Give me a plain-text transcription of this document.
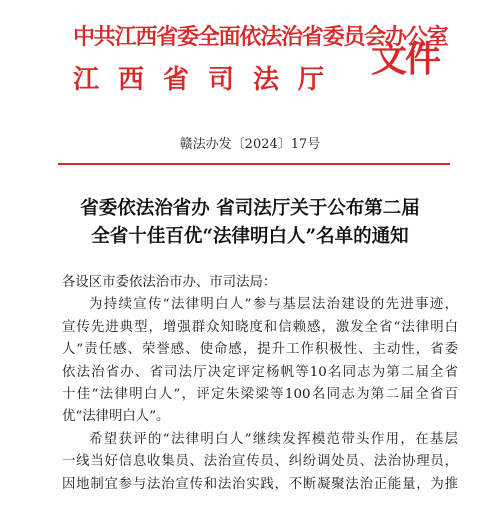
中共江西省委全面依法治省委员会办公室
江西省司法厅 文件
赣法办发〔2024〕17号
省委依法治省办 省司法厅关于公布第二届
全省十佳百优“法律明白人”名单的通知
各设区市委依法治市办、市司法局：
为持续宣传“法律明白人”参与基层法治建设的先进事迹，
宣传先进典型，增强群众知晓度和信赖感，激发全省“法律明白
人”责任感、荣誉感、使命感，提升工作积极性、主动性，省委
依法治省办、省司法厅决定评定杨帆等10名同志为第二届全省
十佳“法律明白人”，评定朱梁梁等100名同志为第二届全省百
优“法律明白人”。
希望获评的“法律明白人”继续发挥模范带头作用，在基层
一线当好信息收集员、法治宣传员、纠纷调处员、法治协理员，
因地制宜参与法治宣传和法治实践，不断凝聚法治正能量，为推
